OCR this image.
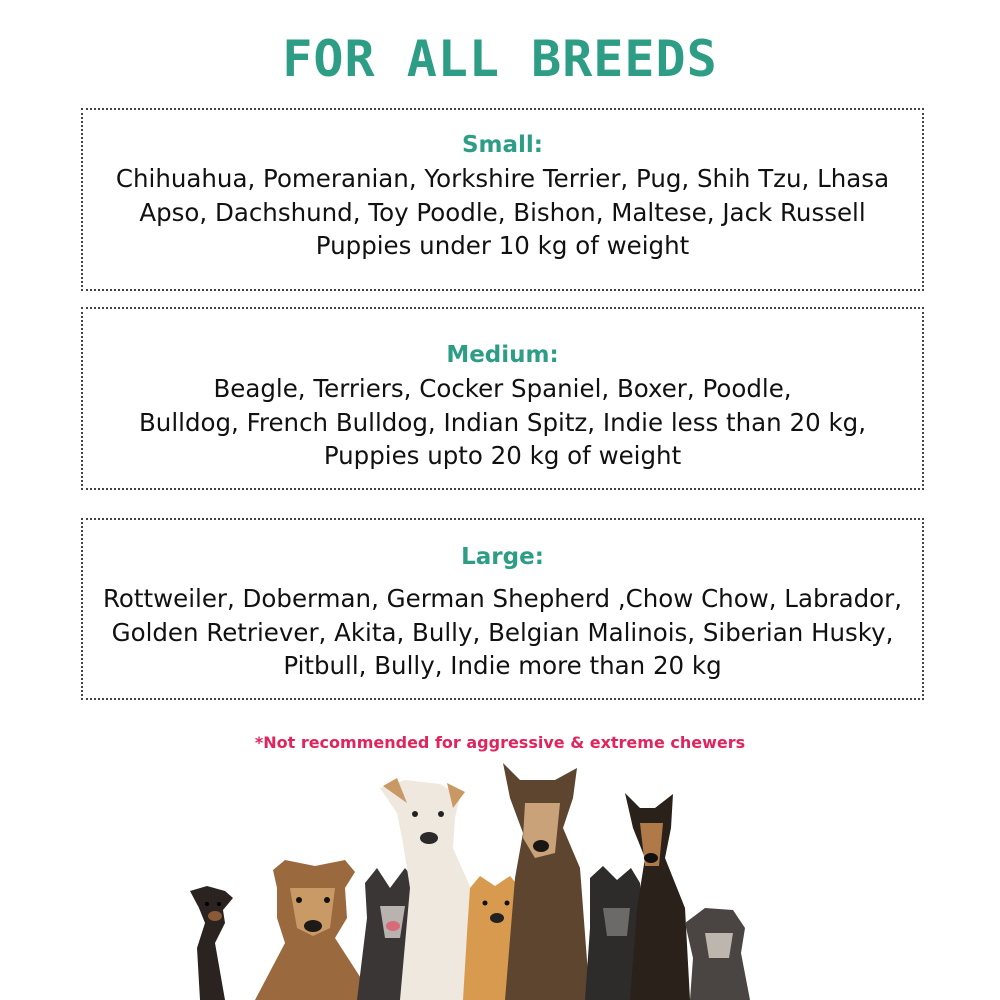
FOR ALL BREEDS
Small:
Chihuahua, Pomeranian, Yorkshire Terrier, Pug, Shih Tzu, Lhasa
Apso, Dachshund, Toy Poodle, Bishon, Maltese, Jack Russell
Puppies under 10 kg of weight
Medium:
Beagle, Terriers, Cocker Spaniel, Boxer, Poodle,
Bulldog, French Bulldog, Indian Spitz, Indie less than 20 kg,
Puppies upto 20 kg of weight
Large:
Rottweiler, Doberman, German Shepherd ,Chow Chow, Labrador,
Golden Retriever, Akita, Bully, Belgian Malinois, Siberian Husky,
Pitbull, Bully, Indie more than 20 kg
*Not recommended for aggressive & extreme chewers
